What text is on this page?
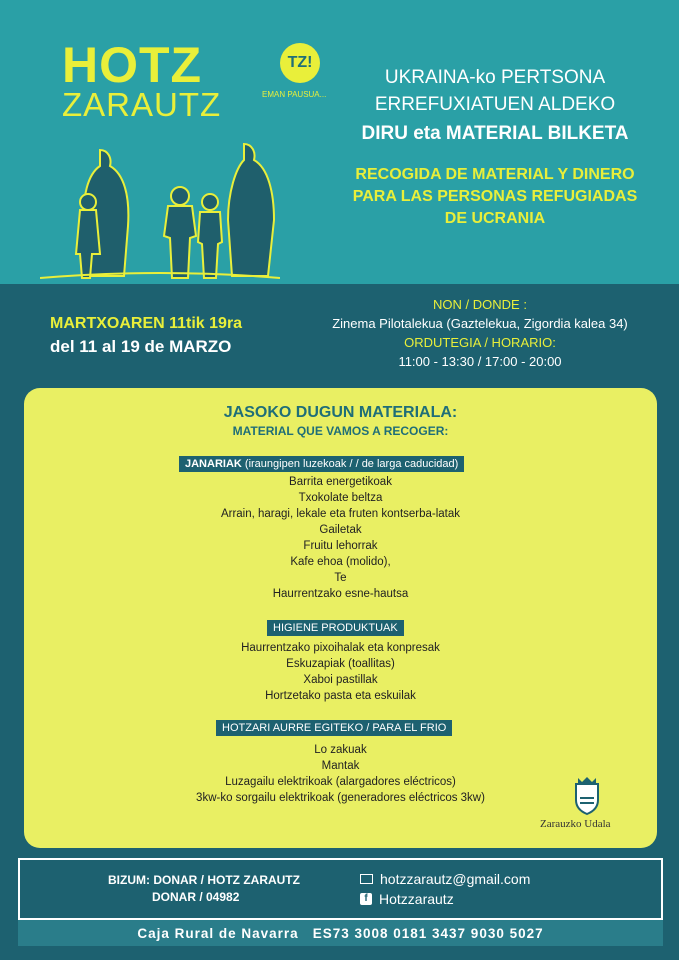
HOTZ
ZARAUTZ
TZ!
EMAN PAUSUA...
UKRAINA-ko PERTSONA
ERREFUXIATUEN ALDEKO
DIRU eta MATERIAL BILKETA
RECOGIDA DE MATERIAL Y DINERO
PARA LAS PERSONAS REFUGIADAS
DE UCRANIA
MARTXOAREN 11tik 19ra
del 11 al 19 de MARZO
NON / DONDE :
Zinema Pilotalekua (Gaztelekua, Zigordia kalea 34)
ORDUTEGIA / HORARIO:
11:00 - 13:30 / 17:00 - 20:00
JASOKO DUGUN MATERIALA:
MATERIAL QUE VAMOS A RECOGER:
JANARIAK (iraungipen luzekoak / / de larga caducidad)
Barrita energetikoak
Txokolate beltza
Arrain, haragi, lekale eta fruten kontserba-latak
Gailetak
Fruitu lehorrak
Kafe ehoa (molido),
Te
Haurrentzako esne-hautsa
HIGIENE PRODUKTUAK
Haurrentzako pixoihalak eta konpresak
Eskuzapiak (toallitas)
Xaboi pastillak
Hortzetako pasta eta eskuilak
HOTZARI AURRE EGITEKO / PARA EL FRIO
Lo zakuak
Mantak
Luzagailu elektrikoak (alargadores eléctricos)
3kw-ko sorgailu elektrikoak (generadores eléctricos 3kw)
Zarauzko Udala
BIZUM: DONAR / HOTZ ZARAUTZ
DONAR / 04982
hotzzarautz@gmail.com
f Hotzzarautz
Caja Rural de Navarra ES73 3008 0181 3437 9030 5027
